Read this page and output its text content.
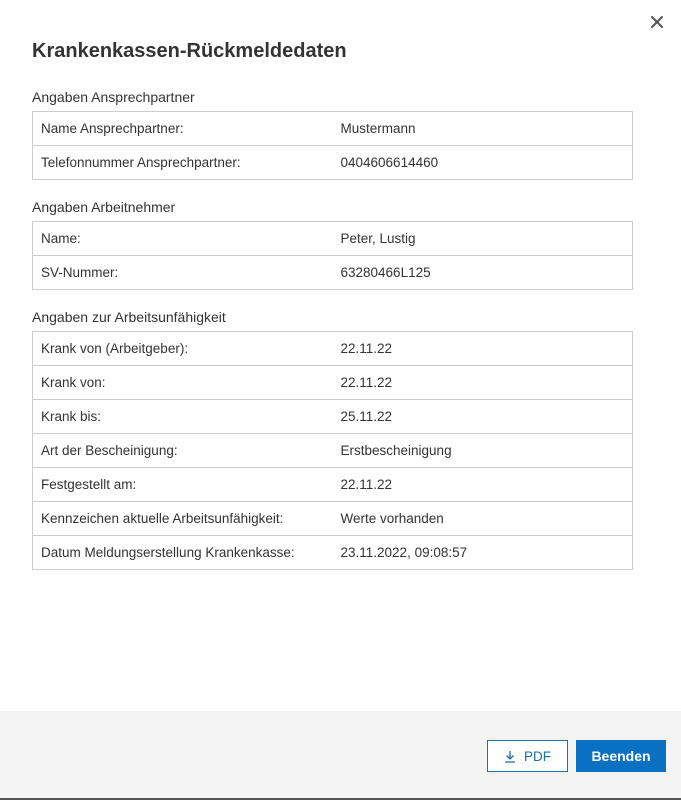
Krankenkassen-Rückmeldedaten
Angaben Ansprechpartner
Name Ansprechpartner:	Mustermann
Telefonnummer Ansprechpartner:	0404606614460
Angaben Arbeitnehmer
Name:	Peter, Lustig
SV-Nummer:	63280466L125
Angaben zur Arbeitsunfähigkeit
Krank von (Arbeitgeber):	22.11.22
Krank von:	22.11.22
Krank bis:	25.11.22
Art der Bescheinigung:	Erstbescheinigung
Festgestellt am:	22.11.22
Kennzeichen aktuelle Arbeitsunfähigkeit:	Werte vorhanden
Datum Meldungserstellung Krankenkasse:	23.11.2022, 09:08:57
PDF	Beenden
